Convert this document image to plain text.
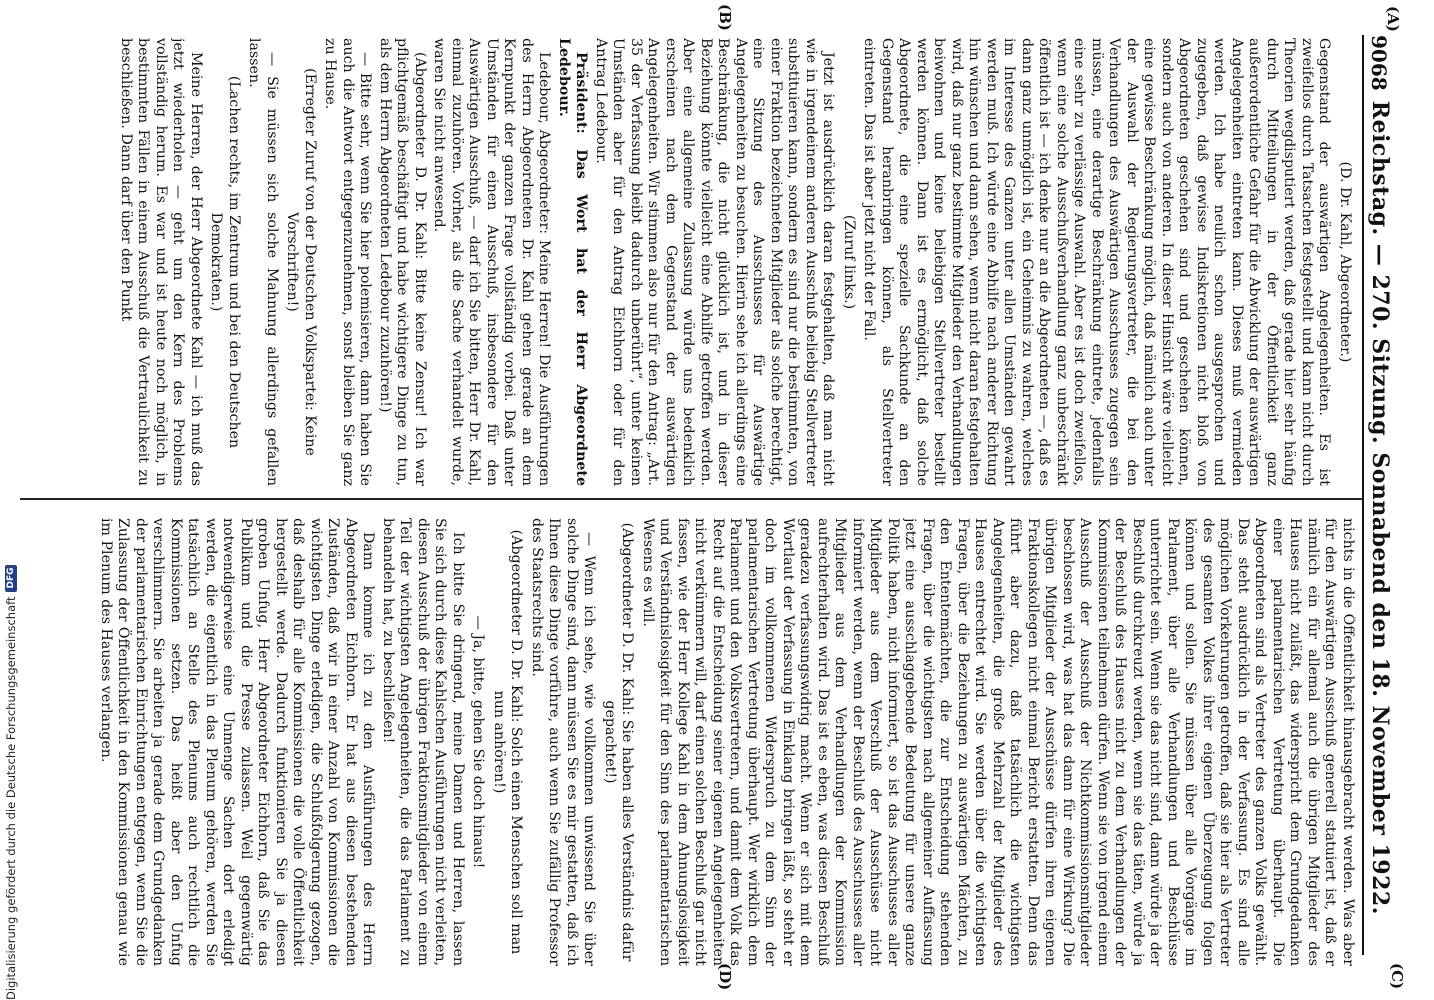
9068
Reichstag. — 270. Sitzung. Sonnabend den 18. November 1922.
(A)
(B)
(C)
(D)

(D. Dr. Kahl, Abgeordneter.)

Gegenstand der auswärtigen Angelegenheiten. Es ist zweifellos durch Tatsachen festgestellt und kann nicht durch Theorien wegdisputiert werden, daß gerade hier sehr häufig durch Mitteilungen in der Öffentlichkeit ganz außerordentliche Gefahr für die Abwicklung der auswärtigen Angelegenheiten eintreten kann. Dieses muß vermieden werden. Ich habe neulich schon ausgesprochen und zugegeben, daß gewisse Indiskretionen nicht bloß von Abgeordneten geschehen sind und geschehen können, sondern auch von anderen. In dieser Hinsicht wäre vielleicht eine gewisse Beschränkung möglich, daß nämlich auch unter der Auswahl der Regierungsvertreter, die bei den Verhandlungen des Auswärtigen Ausschusses zugegen sein müssen, eine derartige Beschränkung eintrete, jedenfalls eine sehr zu verlässige Auswahl. Aber es ist doch zweifellos, wenn eine solche Ausschußverhandlung ganz unbeschränkt öffentlich ist — ich denke nur an die Abgeordneten —, daß es dann ganz unmöglich ist, ein Geheimnis zu wahren, welches im Interesse des Ganzen unter allen Umständen gewahrt werden muß. Ich würde eine Abhilfe nach anderer Richtung hin wünschen und dann sehen, wenn nicht daran festgehalten wird, daß nur ganz bestimmte Mitglieder den Verhandlungen beiwohnen und keine beliebigen Stellvertreter bestellt werden können. Dann ist es ermöglicht, daß solche Abgeordnete, die eine spezielle Sachkunde an den Gegenstand heranbringen können, als Stellvertreter eintreten. Das ist aber jetzt nicht der Fall.

(Zuruf links.)

Jetzt ist ausdrücklich daran festgehalten, daß man nicht wie in irgendeinem anderen Ausschuß beliebig Stellvertreter substituieren kann, sondern es sind nur die bestimmten, von einer Fraktion bezeichneten Mitglieder als solche berechtigt, eine Sitzung des Ausschusses für Auswärtige Angelegenheiten zu besuchen. Hierin sehe ich allerdings eine Beschränkung, die nicht glücklich ist, und in dieser Beziehung könnte vielleicht eine Abhilfe getroffen werden. Aber eine allgemeine Zulassung würde uns bedenklich erscheinen nach dem Gegenstand der auswärtigen Angelegenheiten. Wir stimmen also nur für den Antrag: „Art. 35 der Verfassung bleibt dadurch unberührt“, unter keinen Umständen aber für den Antrag Eichhorn oder für den Antrag Ledebour.

Präsident: Das Wort hat der Herr Abgeordnete Ledebour.

Ledebour, Abgeordneter: Meine Herren! Die Ausführungen des Herrn Abgeordneten Dr. Kahl gehen gerade an dem Kernpunkt der ganzen Frage vollständig vorbei. Daß unter Umständen für einen Ausschuß, insbesondere für den Auswärtigen Ausschuß, — darf ich Sie bitten, Herr Dr. Kahl, einmal zuzuhören. Vorher, als die Sache verhandelt wurde, waren Sie nicht anwesend.

(Abgeordneter D. Dr. Kahl: Bitte keine Zensur! Ich war pflichtgemäß beschäftigt und habe wichtigere Dinge zu tun, als dem Herrn Abgeordneten Ledebour zuzuhören!)

— Bitte sehr, wenn Sie hier polemisieren, dann haben Sie auch die Antwort entgegenzunehmen, sonst bleiben Sie ganz zu Hause.

(Erregter Zuruf von der Deutschen Volkspartei: Keine Vorschriften!)

— Sie müssen sich solche Mahnung allerdings gefallen lassen.

(Lachen rechts, im Zentrum und bei den Deutschen Demokraten.)

Meine Herren, der Herr Abgeordnete Kahl — ich muß das jetzt wiederholen — geht um den Kern des Problems vollständig herum. Es war und ist heute noch möglich, in bestimmten Fällen in einem Ausschuß die Vertraulichkeit zu beschließen. Dann darf über den Punkt

nichts in die Öffentlichkeit hinausgebracht werden. Was aber für den Auswärtigen Ausschuß generell statuiert ist, daß er nämlich ein für allemal auch die übrigen Mitglieder des Hauses nicht zuläßt, das widerspricht dem Grundgedanken einer parlamentarischen Vertretung überhaupt. Die Abgeordneten sind als Vertreter des ganzen Volks gewählt. Das steht ausdrücklich in der Verfassung. Es sind alle möglichen Vorkehrungen getroffen, daß sie hier als Vertreter des gesamten Volkes ihrer eigenen Überzeugung folgen können und sollen. Sie müssen über alle Vorgänge im Parlament, über alle Verhandlungen und Beschlüsse unterrichtet sein. Wenn sie das nicht sind, dann würde ja der Beschluß durchkreuzt werden, wenn sie das täten, würde ja der Beschluß des Hauses nicht zu dem Verhandlungen der Kommissionen teilnehmen dürfen. Wenn sie von irgend einem Ausschuß der Ausschuß der Nichtkommissionsmitglieder beschlossen wird, was hat das dann für eine Wirkung? Die übrigen Mitglieder der Ausschüsse dürfen ihren eigenen Fraktionskollegen nicht einmal Bericht erstatten. Denn das führt aber dazu, daß tatsächlich die wichtigsten Angelegenheiten, die große Mehrzahl der Mitglieder des Hauses entrechtet wird. Sie werden über die wichtigsten Fragen, über die Beziehungen zu auswärtigen Mächten, zu den Ententemächten, die zur Entscheidung stehenden Fragen, über die wichtigsten nach allgemeiner Auffassung jetzt eine ausschlaggebende Bedeutung für unsere ganze Politik haben, nicht informiert, so ist das Ausschusses aller Mitglieder aus dem Verschluß der Ausschüsse nicht informiert werden, wenn der Beschluß des Ausschusses aller Mitglieder aus dem Verhandlungen der Kommission aufrechterhalten wird. Das ist es eben, was diesen Beschluß geradezu verfassungswidrig macht. Wenn er sich mit dem Wortlaut der Verfassung in Einklang bringen läßt, so steht er doch im vollkommenen Widerspruch zu dem Sinn der parlamentarischen Vertretung überhaupt. Wer wirklich dem Parlament und den Volksvertretern, und damit dem Volk das Recht auf die Entscheidung seiner eigenen Angelegenheiten nicht verkümmern will, darf einen solchen Beschluß gar nicht fassen, wie der Herr Kollege Kahl in dem Ahnungslosigkeit und Verständnislosigkeit für den Sinn des parlamentarischen Wesens es will.

(Abgeordneter D. Dr. Kahl: Sie haben alles Verständnis dafür gepachtet!)

— Wenn ich sehe, wie vollkommen unwissend Sie über solche Dinge sind, dann müssen Sie es mir gestatten, daß ich Ihnen diese Dinge vorführe, auch wenn Sie zufällig Professor des Staatsrechts sind.

(Abgeordneter D. Dr. Kahl: Solch einen Menschen soll man nun anhören!)

— Ja, bitte, gehen Sie doch hinaus!

Ich bitte Sie dringend, meine Damen und Herren, lassen Sie sich durch diese Kahlschen Ausführungen nicht verleiten, diesen Ausschuß der übrigen Fraktionsmitglieder von einem Teil der wichtigsten Angelegenheiten, die das Parlament zu behandeln hat, zu beschließen!

Dann komme ich zu den Ausführungen des Herrn Abgeordneten Eichhorn. Er hat aus diesen bestehenden Zuständen, daß wir in einer Anzahl von Kommissionen die wichtigsten Dinge erledigen, die Schlußfolgerung gezogen, daß deshalb für alle Kommissionen die volle Öffentlichkeit hergestellt werde. Dadurch funktionieren Sie ja diesen groben Unfug, Herr Abgeordneter Eichhorn, daß Sie das Publikum und die Presse zulassen. Weil gegenwärtig notwendigerweise eine Unmenge Sachen dort erledigt werden, die eigentlich in das Plenum gehören, werden Sie tatsächlich an Stelle des Plenums auch rechtlich die Kommissionen setzen. Das heißt aber den Unfug verschlimmern. Sie arbeiten ja gerade dem Grundgedanken der parlamentarischen Einrichtungen entgegen, wenn Sie die Zulassung der Öffentlichkeit in den Kommissionen genau wie im Plenum des Hauses verlangen.

Digitalisierung gefördert durch die Deutsche Forschungsgemeinschaft
DFG
